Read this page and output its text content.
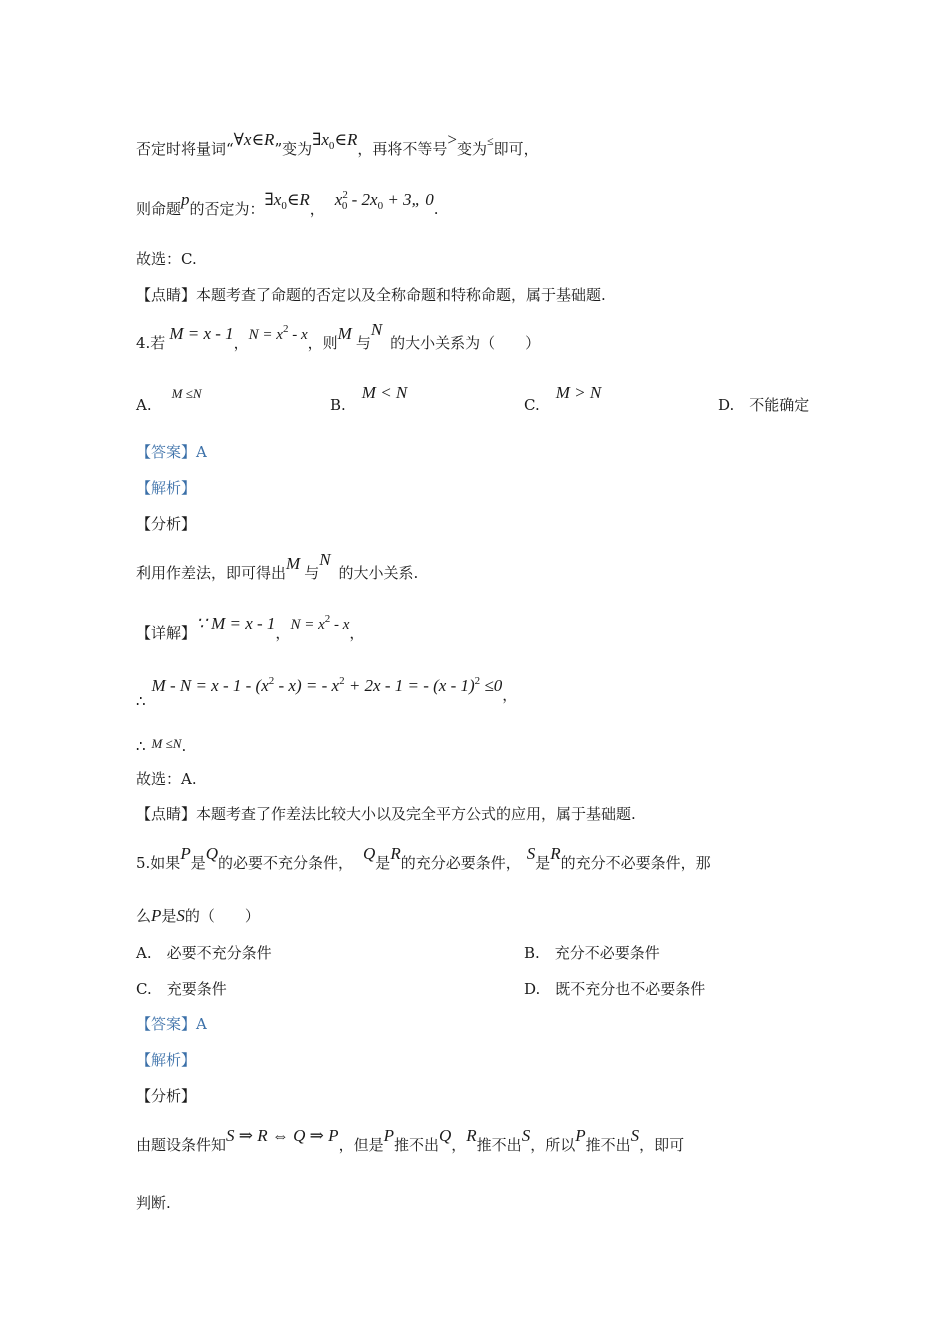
否定时将量词“∀x∈R”变为$\exists x_0\in R$，再将不等号>变为≤即可，
则命题p的否定为：$\exists x_0\in R$， $x^2_0 - 2x_0$ + 3„ 0.
故选：C.
【点睛】本题考查了命题的否定以及全称命题和特称命题，属于基础题.
4.若 M = x - 1，$N = x^2 - x$，则M 与N的大小关系为（　　）
A.M ≤N
B.M < N
C.M > N
D.　不能确定
【答案】A
【解析】
【分析】
利用作差法，即可得出M 与N的大小关系.
【详解】∵ M = x - 1，$N = x^2 - x$，
∴M - $N = x - 1 - (x^2 - x)$ = - $x^2 + 2x - 1$ = - (x - 1)$^2$ ≤0，
∴ M ≤N.
故选：A.
【点睛】本题考查了作差法比较大小以及完全平方公式的应用，属于基础题.
5.如果P是Q的必要不充分条件， Q是R的充分必要条件， S是R的充分不必要条件，那
么P是S的（　　）
A.　必要不充分条件	B.　充分不必要条件
C.　充要条件	D.　既不充分也不必要条件
【答案】A
【解析】
【分析】
由题设条件知S ⇒ R ⇔ Q ⇒ P，但是P推不出Q，R推不出S，所以P推不出S，即可
判断.
